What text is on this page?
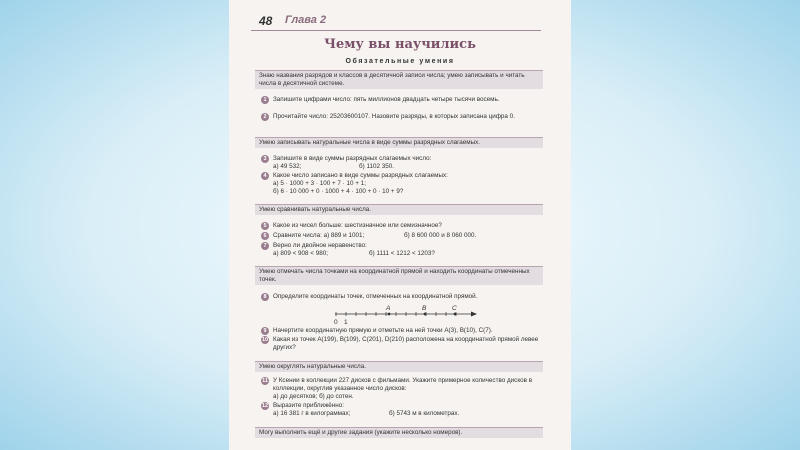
48 Глава 2
Чему вы научились
Обязательные умения
Знаю названия разрядов и классов в десятичной записи числа; умею записывать и читать числа в десятичной системе.
1	Запишите цифрами число: пять миллионов двадцать четыре тысячи восемь.
2	Прочитайте число: 25203600107. Назовите разряды, в которых записана цифра 0.
Умею записывать натуральные числа в виде суммы разрядных слагаемых.
3	Запишите в виде суммы разрядных слагаемых число:
а) 49 532;	б) 1102 350.
4	Какое число записано в виде суммы разрядных слагаемых:
а) 5 · 1000 + 3 · 100 + 7 · 10 + 1;
б) 6 · 10 000 + 0 · 1000 + 4 · 100 + 0 · 10 + 9?
Умею сравнивать натуральные числа.
5	Какое из чисел больше: шестизначное или семизначное?
6	Сравните числа: а) 889 и 1001;	б) 8 600 000 и 8 060 000.
7	Верно ли двойное неравенство:
а) 809 < 908 < 980;	б) 1111 < 1212 < 1203?
Умею отмечать числа точками на координатной прямой и находить координаты отмеченных точек.
8	Определите координаты точек, отмеченных на координатной прямой.
0 1
A	B	C
9	Начертите координатную прямую и отметьте на ней точки A(3), B(10), C(7).
10 Какая из точек A(199), B(109), C(201), D(210) расположена на координатной прямой левее других?
Умею округлять натуральные числа.
11 У Ксении в коллекции 227 дисков с фильмами. Укажите примерное количество дисков в коллекции, округлив указанное число дисков:
а) до десятков; б) до сотен.
12 Выразите приближённо:
а) 16 381 г в килограммах;	б) 5743 м в километрах.
Могу выполнить ещё и другие задания (укажите несколько номеров).
